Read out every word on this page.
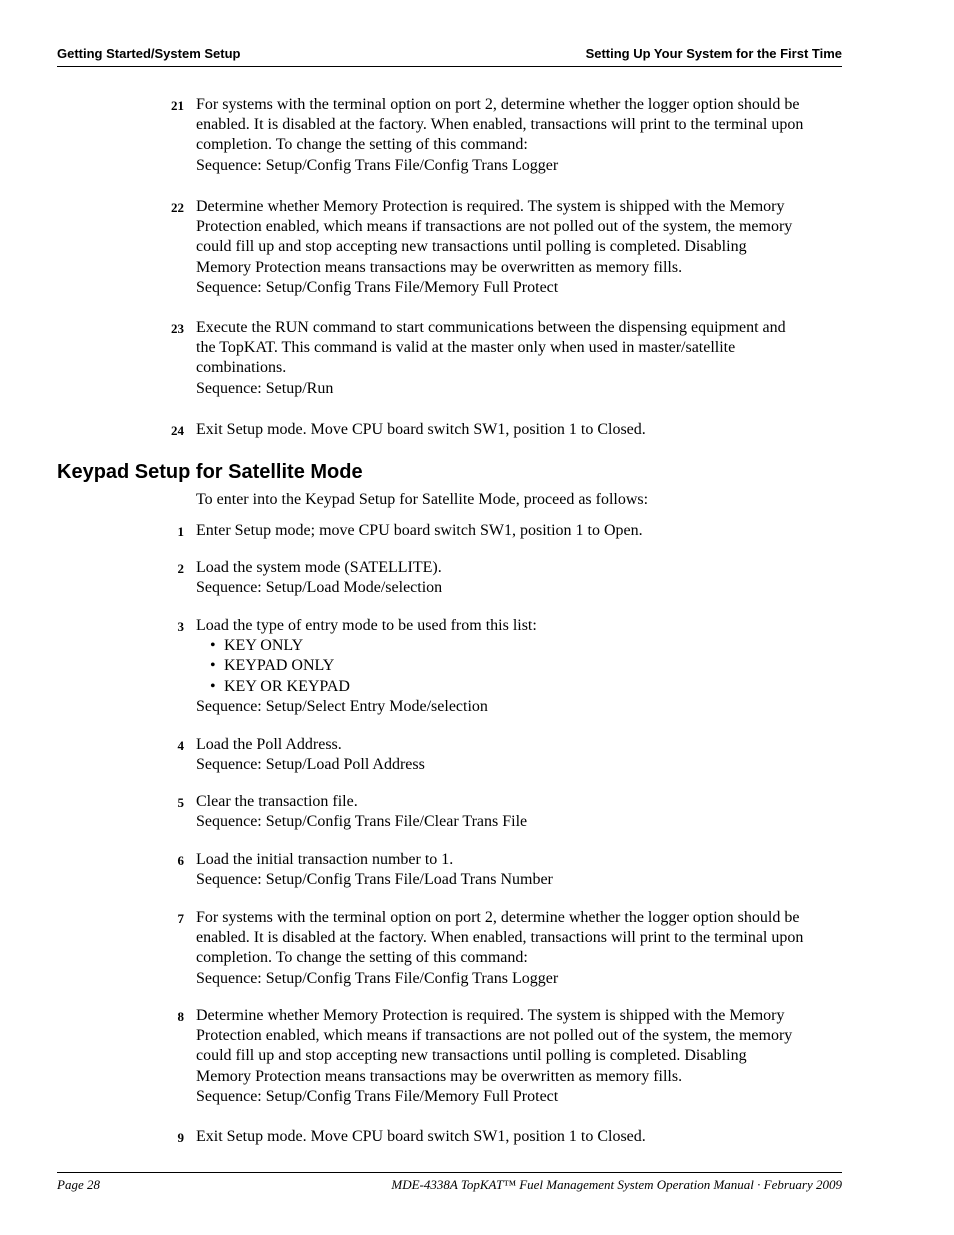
Getting Started/System Setup	Setting Up Your System for the First Time
21 For systems with the terminal option on port 2, determine whether the logger option should be
enabled. It is disabled at the factory. When enabled, transactions will print to the terminal upon
completion. To change the setting of this command:
Sequence: Setup/Config Trans File/Config Trans Logger
22 Determine whether Memory Protection is required. The system is shipped with the Memory
Protection enabled, which means if transactions are not polled out of the system, the memory
could fill up and stop accepting new transactions until polling is completed. Disabling
Memory Protection means transactions may be overwritten as memory fills.
Sequence: Setup/Config Trans File/Memory Full Protect
23 Execute the RUN command to start communications between the dispensing equipment and
the TopKAT. This command is valid at the master only when used in master/satellite
combinations.
Sequence: Setup/Run
24 Exit Setup mode. Move CPU board switch SW1, position 1 to Closed.
Keypad Setup for Satellite Mode
To enter into the Keypad Setup for Satellite Mode, proceed as follows:
1 Enter Setup mode; move CPU board switch SW1, position 1 to Open.
2 Load the system mode (SATELLITE).
Sequence: Setup/Load Mode/selection
3 Load the type of entry mode to be used from this list:
• KEY ONLY
• KEYPAD ONLY
• KEY OR KEYPAD
Sequence: Setup/Select Entry Mode/selection
4 Load the Poll Address.
Sequence: Setup/Load Poll Address
5 Clear the transaction file.
Sequence: Setup/Config Trans File/Clear Trans File
6 Load the initial transaction number to 1.
Sequence: Setup/Config Trans File/Load Trans Number
7 For systems with the terminal option on port 2, determine whether the logger option should be
enabled. It is disabled at the factory. When enabled, transactions will print to the terminal upon
completion. To change the setting of this command:
Sequence: Setup/Config Trans File/Config Trans Logger
8 Determine whether Memory Protection is required. The system is shipped with the Memory
Protection enabled, which means if transactions are not polled out of the system, the memory
could fill up and stop accepting new transactions until polling is completed. Disabling
Memory Protection means transactions may be overwritten as memory fills.
Sequence: Setup/Config Trans File/Memory Full Protect
9 Exit Setup mode. Move CPU board switch SW1, position 1 to Closed.
Page 28	MDE-4338A TopKAT™ Fuel Management System Operation Manual · February 2009
